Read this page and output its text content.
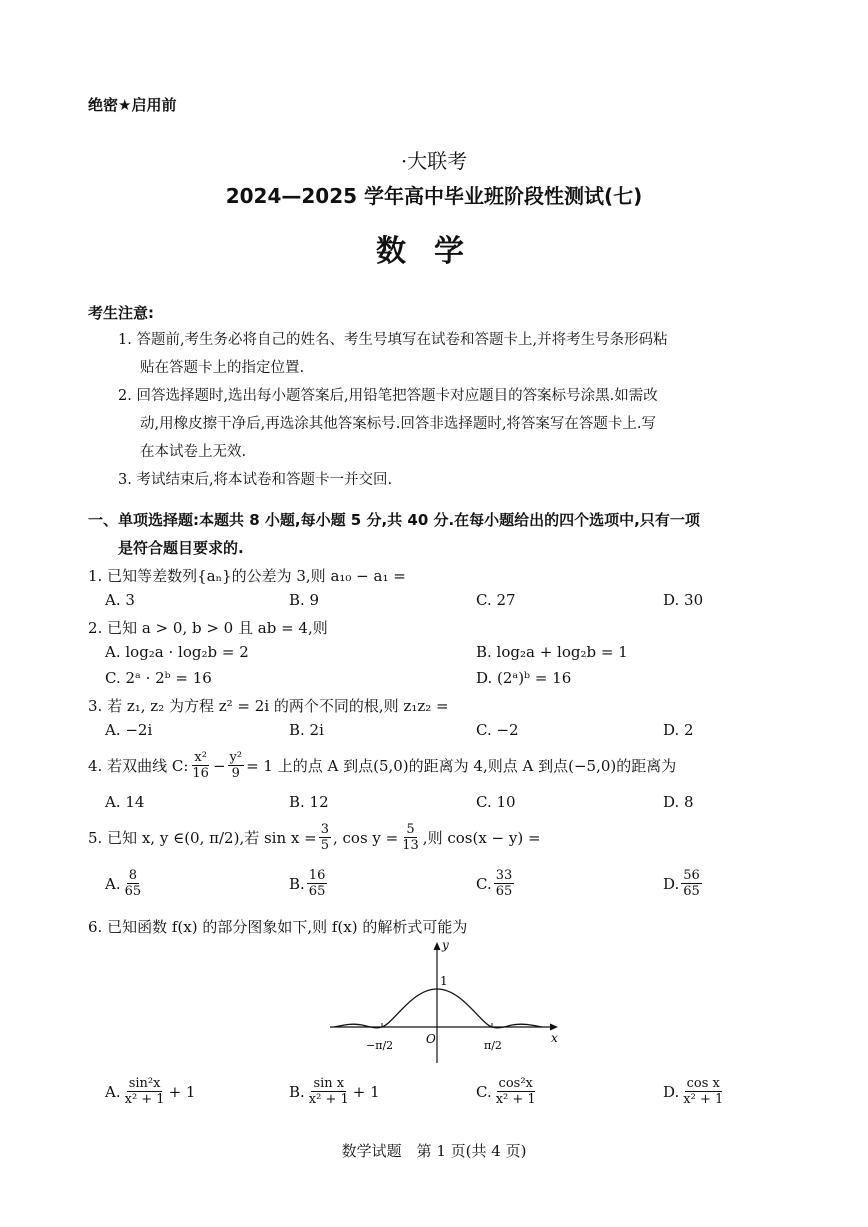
绝密★启用前
·大联考
2024—2025 学年高中毕业班阶段性测试(七)
数学
考生注意:
1. 答题前,考生务必将自己的姓名、考生号填写在试卷和答题卡上,并将考生号条形码粘
贴在答题卡上的指定位置.
2. 回答选择题时,选出每小题答案后,用铅笔把答题卡对应题目的答案标号涂黑.如需改
动,用橡皮擦干净后,再选涂其他答案标号.回答非选择题时,将答案写在答题卡上.写
在本试卷上无效.
3. 考试结束后,将本试卷和答题卡一并交回.
一、单项选择题:本题共 8 小题,每小题 5 分,共 40 分.在每小题给出的四个选项中,只有一项
是符合题目要求的.
1. 已知等差数列{aₙ}的公差为 3,则 a₁₀ − a₁ =
A. 3	B. 9	C. 27	D. 30
2. 已知 a > 0, b > 0 且 ab = 4,则
A. log₂a · log₂b = 2	B. log₂a + log₂b = 1
C. 2ᵃ · 2ᵇ = 16	D. (2ᵃ)ᵇ = 16
3. 若 z₁, z₂ 为方程 z² = 2i 的两个不同的根,则 z₁z₂ =
A. −2i	B. 2i	C. −2	D. 2
4. 若双曲线 C: $\frac{\text{x²}}{16} - \frac{\text{y²}}{9} = 1$ 上的点 A 到点(5,0)的距离为 4,则点 A 到点(−5,0)的距离为
A. 14	B. 12	C. 10	D. 8
5. 已知 x, y ∈ (0, π/2) ,若 $\sin x = \frac{3}{5}$ , $\cos y = \frac{5}{13}$ ,则 cos(x − y) =
A. $\frac{8}{65}$	B. $\frac{16}{65}$	C. $\frac{33}{65}$	D. $\frac{56}{65}$
6. 已知函数 f(x) 的部分图象如下,则 f(x) 的解析式可能为
y
x
O
1
−π/2	π/2
A. $\frac{\text{sin²x}}{\text{x² + 1}} + 1$	B. $\frac{\text{sin x}}{\text{x² + 1}} + 1$	C. $\frac{\text{cos²x}}{\text{x² + 1}}$	D. $\frac{\text{cos x}}{\text{x² + 1}}$
数学试题　第 1 页(共 4 页)
